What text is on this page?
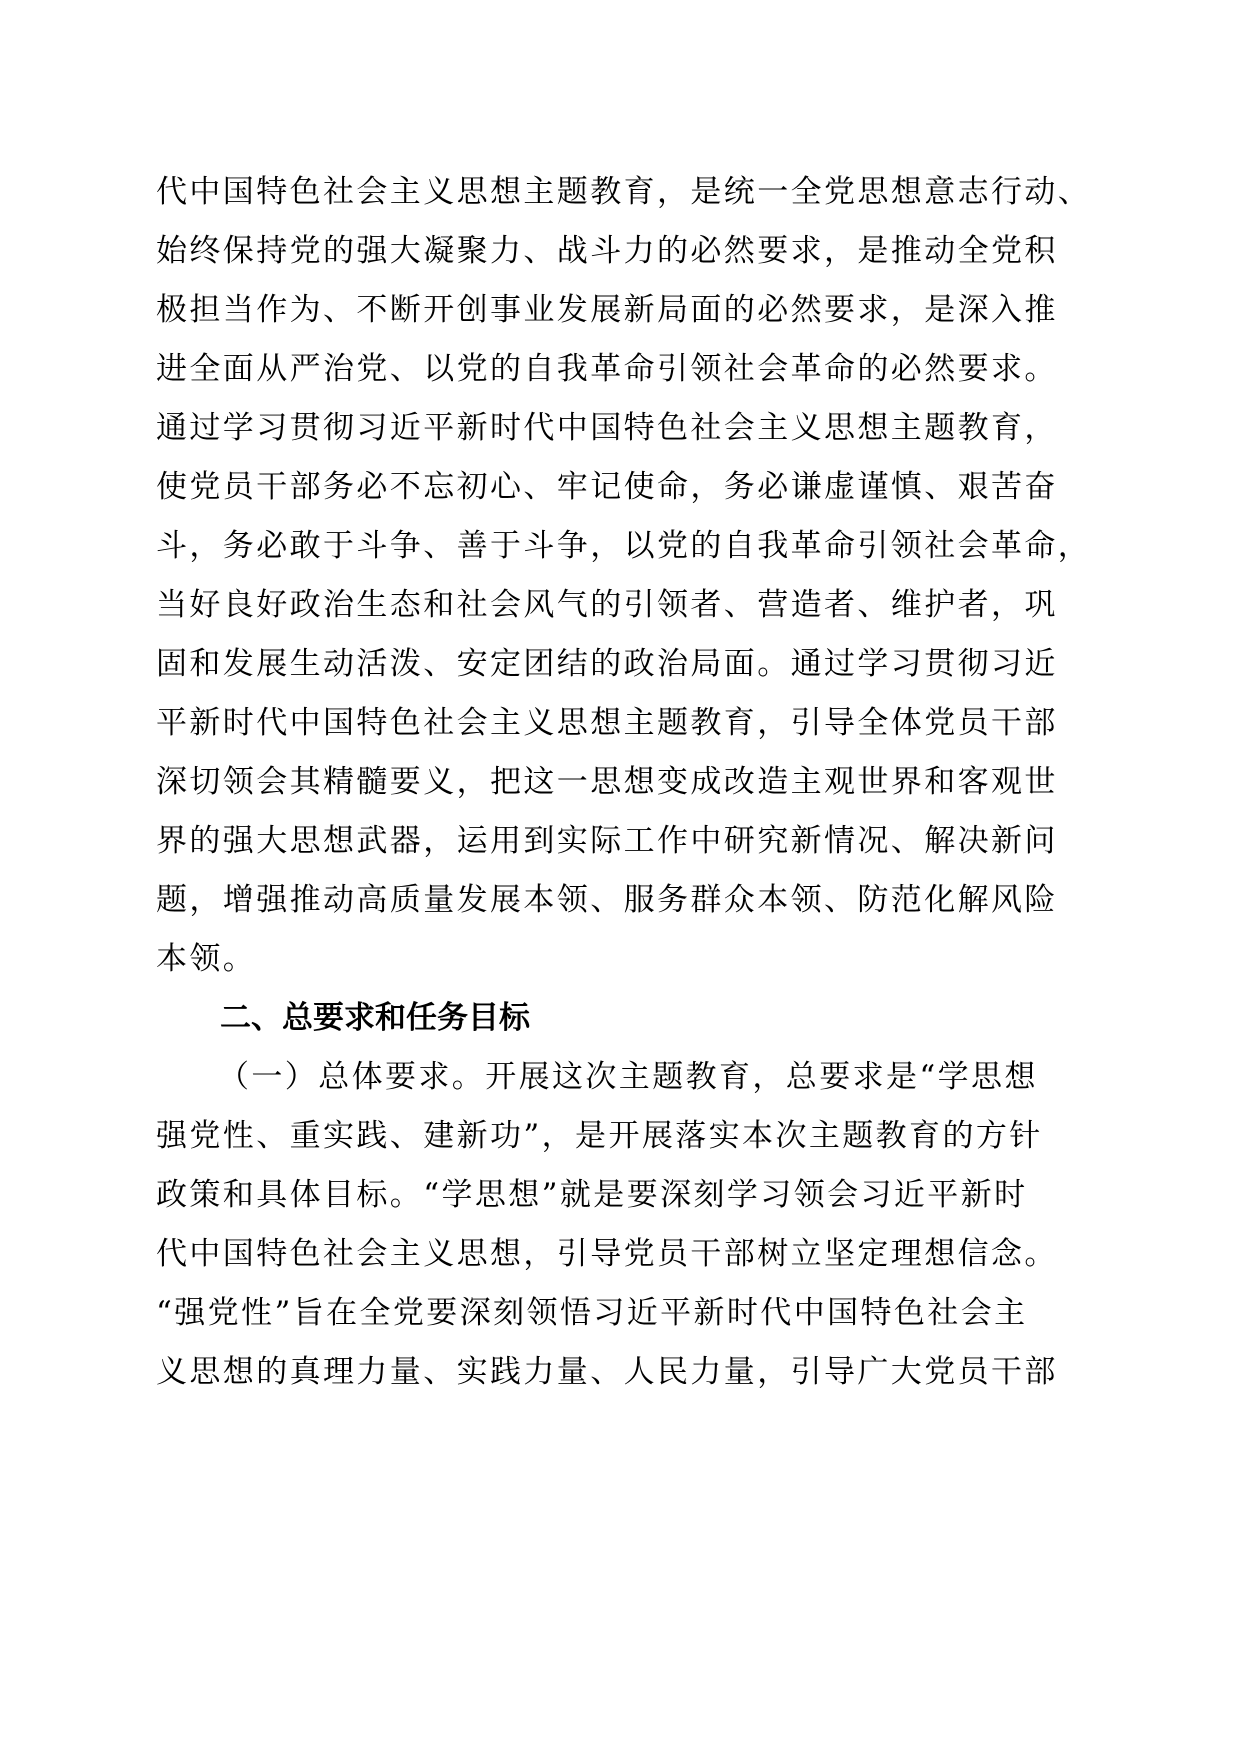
代中国特色社会主义思想主题教育，是统一全党思想意志行动、
始终保持党的强大凝聚力、战斗力的必然要求，是推动全党积
极担当作为、不断开创事业发展新局面的必然要求，是深入推
进全面从严治党、以党的自我革命引领社会革命的必然要求。
通过学习贯彻习近平新时代中国特色社会主义思想主题教育，
使党员干部务必不忘初心、牢记使命，务必谦虚谨慎、艰苦奋
斗，务必敢于斗争、善于斗争，以党的自我革命引领社会革命，
当好良好政治生态和社会风气的引领者、营造者、维护者，巩
固和发展生动活泼、安定团结的政治局面。通过学习贯彻习近
平新时代中国特色社会主义思想主题教育，引导全体党员干部
深切领会其精髓要义，把这一思想变成改造主观世界和客观世
界的强大思想武器，运用到实际工作中研究新情况、解决新问
题，增强推动高质量发展本领、服务群众本领、防范化解风险
本领。
二、总要求和任务目标
（一）总体要求。开展这次主题教育，总要求是“学思想
强党性、重实践、建新功”，是开展落实本次主题教育的方针
政策和具体目标。“学思想”就是要深刻学习领会习近平新时
代中国特色社会主义思想，引导党员干部树立坚定理想信念。
“强党性”旨在全党要深刻领悟习近平新时代中国特色社会主
义思想的真理力量、实践力量、人民力量，引导广大党员干部
